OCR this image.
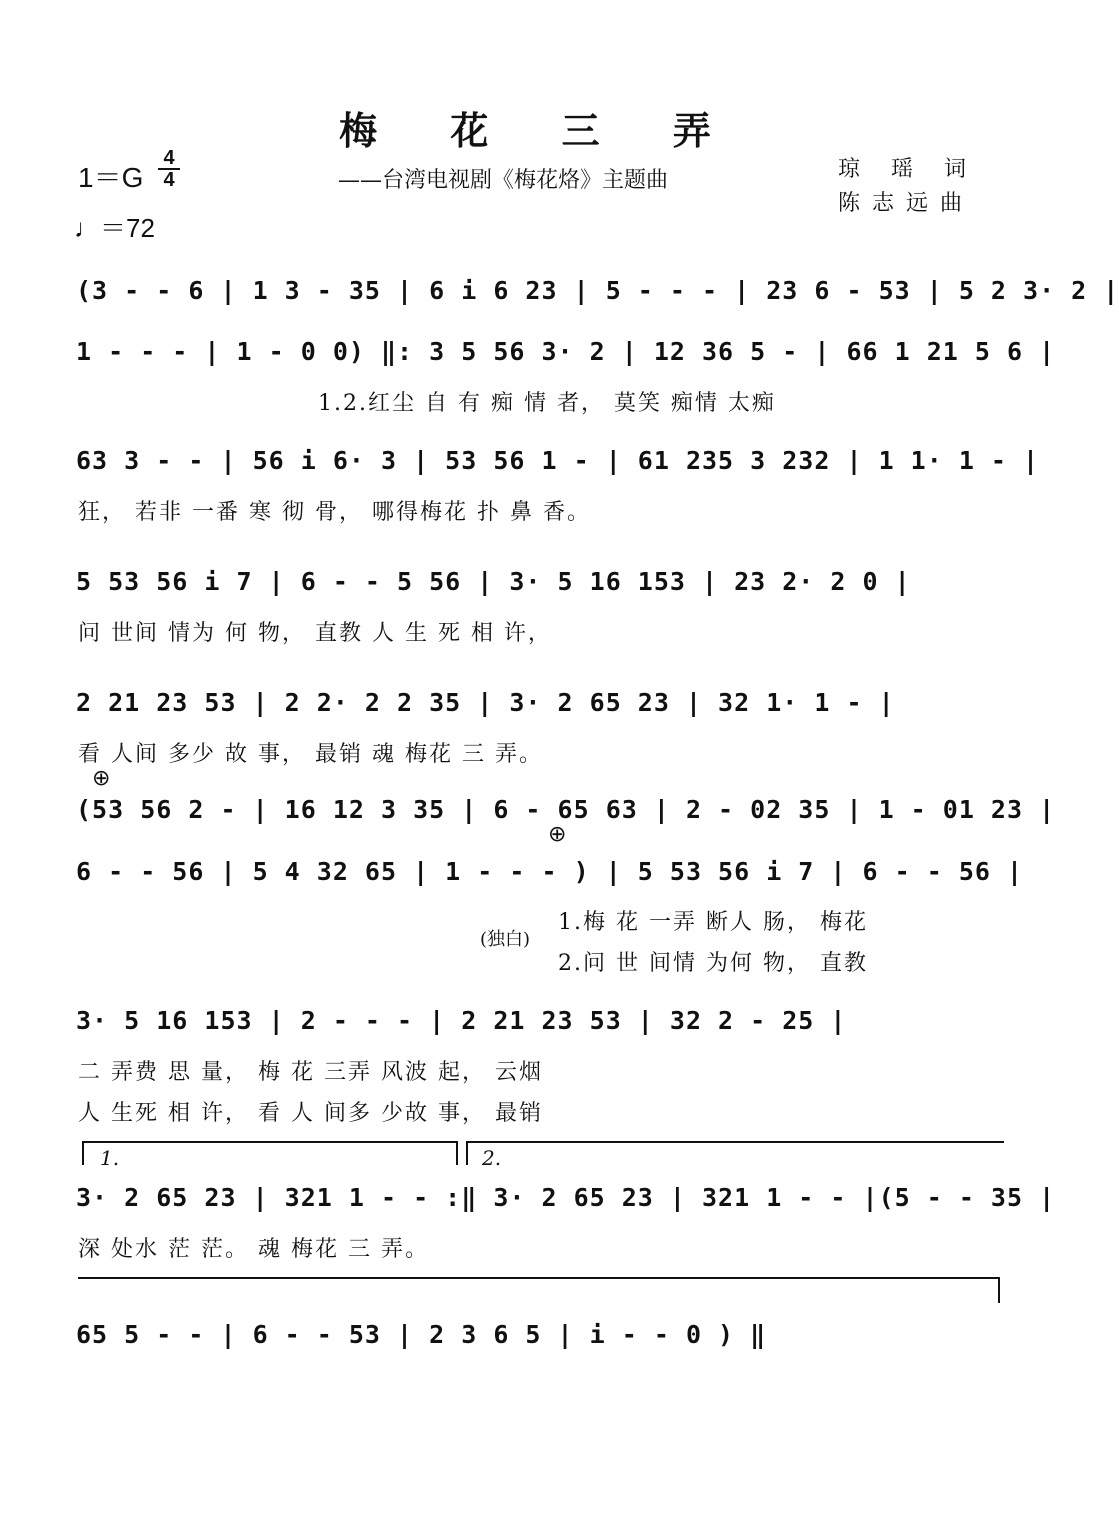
梅 花 三 弄
1＝G
4
4
♩＝72
——台湾电视剧《梅花烙》主题曲	琼 瑶 词
陈志远曲
(3 - - 6 | 1 3 - 35 | 6 i 6 23 | 5 - - - | 23 6 - 53 | 5 2 3· 2 |
1 - - - | 1 - 0 0) ‖: 3 5 56 3· 2 | 12 36 5 - | 66 1 21 5 6 |
1.2.红尘 自 有 痴 情 者， 莫笑 痴情 太痴
63 3 - - | 56 i 6· 3 | 53 56 1 - | 61 235 3 232 | 1 1· 1 - |
狂， 若非 一番 寒 彻 骨， 哪得梅花 扑 鼻 香。
5 53 56 i 7 | 6 - - 5 56 | 3· 5 16 153 | 23 2· 2 0 |
问 世间 情为 何 物， 直教 人 生 死 相 许，
2 21 23 53 | 2 2· 2 2 35 | 3· 2 65 23 | 32 1· 1 - |
看 人间 多少 故 事， 最销 魂 梅花 三 弄。
⊕
(53 56 2 - | 16 12 3 35 | 6 - 65 63 | 2 - 02 35 | 1 - 01 23 |
6 - - 56 | 5 4 32 65 | 1 - - - ) | 5 53 56 i 7 | 6 - - 56 |
⊕
(独白)
1.梅 花 一弄 断人 肠， 梅花
2.问 世 间情 为何 物， 直教
3· 5 16 153 | 2 - - - | 2 21 23 53 | 32 2 - 25 |
二 弄费 思 量， 梅 花 三弄 风波 起， 云烟
人 生死 相 许， 看 人 间多 少故 事， 最销
1.	2.
3· 2 65 23 | 321 1 - - :‖ 3· 2 65 23 | 321 1 - - |(5 - - 35 |
深 处水 茫 茫。 魂 梅花 三 弄。
65 5 - - | 6 - - 53 | 2 3 6 5 | i - - 0 ) ‖
